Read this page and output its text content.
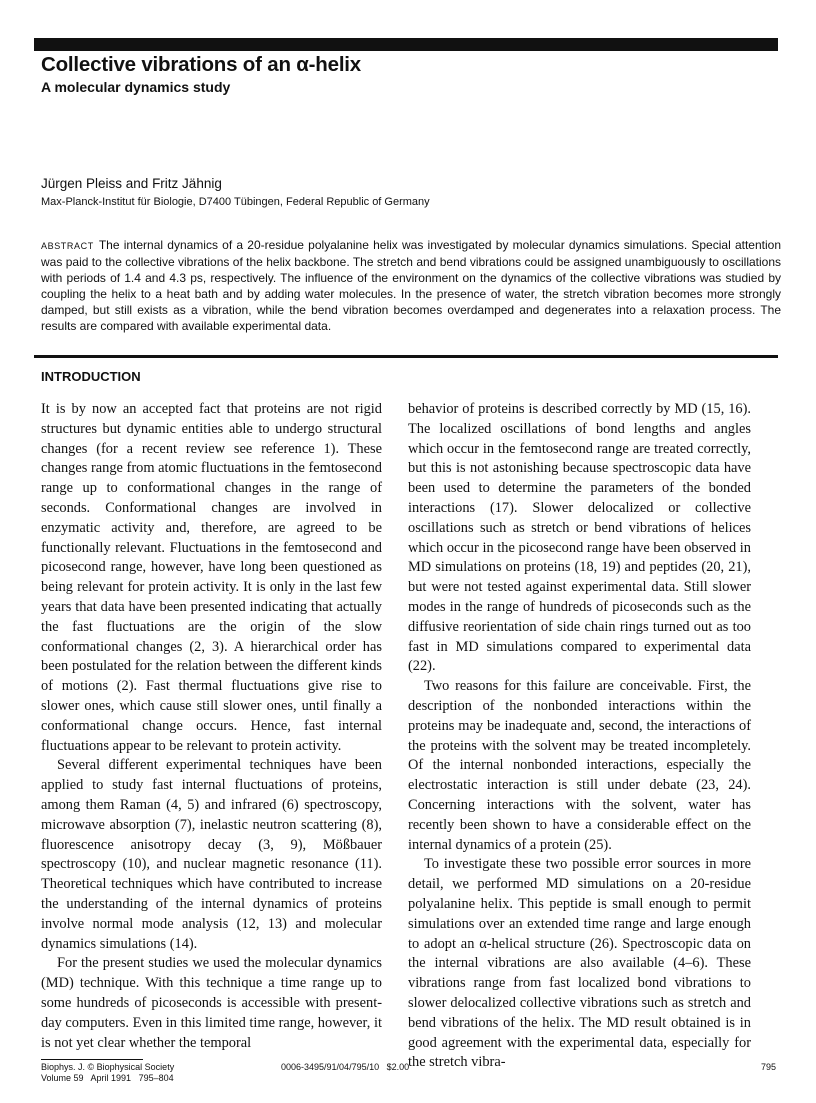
Collective vibrations of an α-helix
A molecular dynamics study
Jürgen Pleiss and Fritz Jähnig
Max-Planck-Institut für Biologie, D7400 Tübingen, Federal Republic of Germany

ABSTRACT The internal dynamics of a 20-residue polyalanine helix was investigated by molecular dynamics simulations. Special attention was paid to the collective vibrations of the helix backbone. The stretch and bend vibrations could be assigned unambiguously to oscillations with periods of 1.4 and 4.3 ps, respectively. The influence of the environment on the dynamics of the collective vibrations was studied by coupling the helix to a heat bath and by adding water molecules. In the presence of water, the stretch vibration becomes more strongly damped, but still exists as a vibration, while the bend vibration becomes overdamped and degenerates into a relaxation process. The results are compared with available experimental data.

INTRODUCTION

It is by now an accepted fact that proteins are not rigid structures but dynamic entities able to undergo structural changes (for a recent review see reference 1). These changes range from atomic fluctuations in the femtosecond range up to conformational changes in the range of seconds. Conformational changes are involved in enzymatic activity and, therefore, are agreed to be functionally relevant. Fluctuations in the femtosecond and picosecond range, however, have long been questioned as being relevant for protein activity. It is only in the last few years that data have been presented indicating that actually the fast fluctuations are the origin of the slow conformational changes (2, 3). A hierarchical order has been postulated for the relation between the different kinds of motions (2). Fast thermal fluctuations give rise to slower ones, which cause still slower ones, until finally a conformational change occurs. Hence, fast internal fluctuations appear to be relevant to protein activity.

Several different experimental techniques have been applied to study fast internal fluctuations of proteins, among them Raman (4, 5) and infrared (6) spectroscopy, microwave absorption (7), inelastic neutron scattering (8), fluorescence anisotropy decay (3, 9), Mößbauer spectroscopy (10), and nuclear magnetic resonance (11). Theoretical techniques which have contributed to increase the understanding of the internal dynamics of proteins involve normal mode analysis (12, 13) and molecular dynamics simulations (14).

For the present studies we used the molecular dynamics (MD) technique. With this technique a time range up to some hundreds of picoseconds is accessible with present-day computers. Even in this limited time range, however, it is not yet clear whether the temporal

behavior of proteins is described correctly by MD (15, 16). The localized oscillations of bond lengths and angles which occur in the femtosecond range are treated correctly, but this is not astonishing because spectroscopic data have been used to determine the parameters of the bonded interactions (17). Slower delocalized or collective oscillations such as stretch or bend vibrations of helices which occur in the picosecond range have been observed in MD simulations on proteins (18, 19) and peptides (20, 21), but were not tested against experimental data. Still slower modes in the range of hundreds of picoseconds such as the diffusive reorientation of side chain rings turned out as too fast in MD simulations compared to experimental data (22).

Two reasons for this failure are conceivable. First, the description of the nonbonded interactions within the proteins may be inadequate and, second, the interactions of the proteins with the solvent may be treated incompletely. Of the internal nonbonded interactions, especially the electrostatic interaction is still under debate (23, 24). Concerning interactions with the solvent, water has recently been shown to have a considerable effect on the internal dynamics of a protein (25).

To investigate these two possible error sources in more detail, we performed MD simulations on a 20-residue polyalanine helix. This peptide is small enough to permit simulations over an extended time range and large enough to adopt an α-helical structure (26). Spectroscopic data on the internal vibrations are also available (4–6). These vibrations range from fast localized bond vibrations to slower delocalized collective vibrations such as stretch and bend vibrations of the helix. The MD result obtained is in good agreement with the experimental data, especially for the stretch vibra-

Biophys. J. © Biophysical Society
Volume 59   April 1991   795–804
0006-3495/91/04/795/10   $2.00	795
